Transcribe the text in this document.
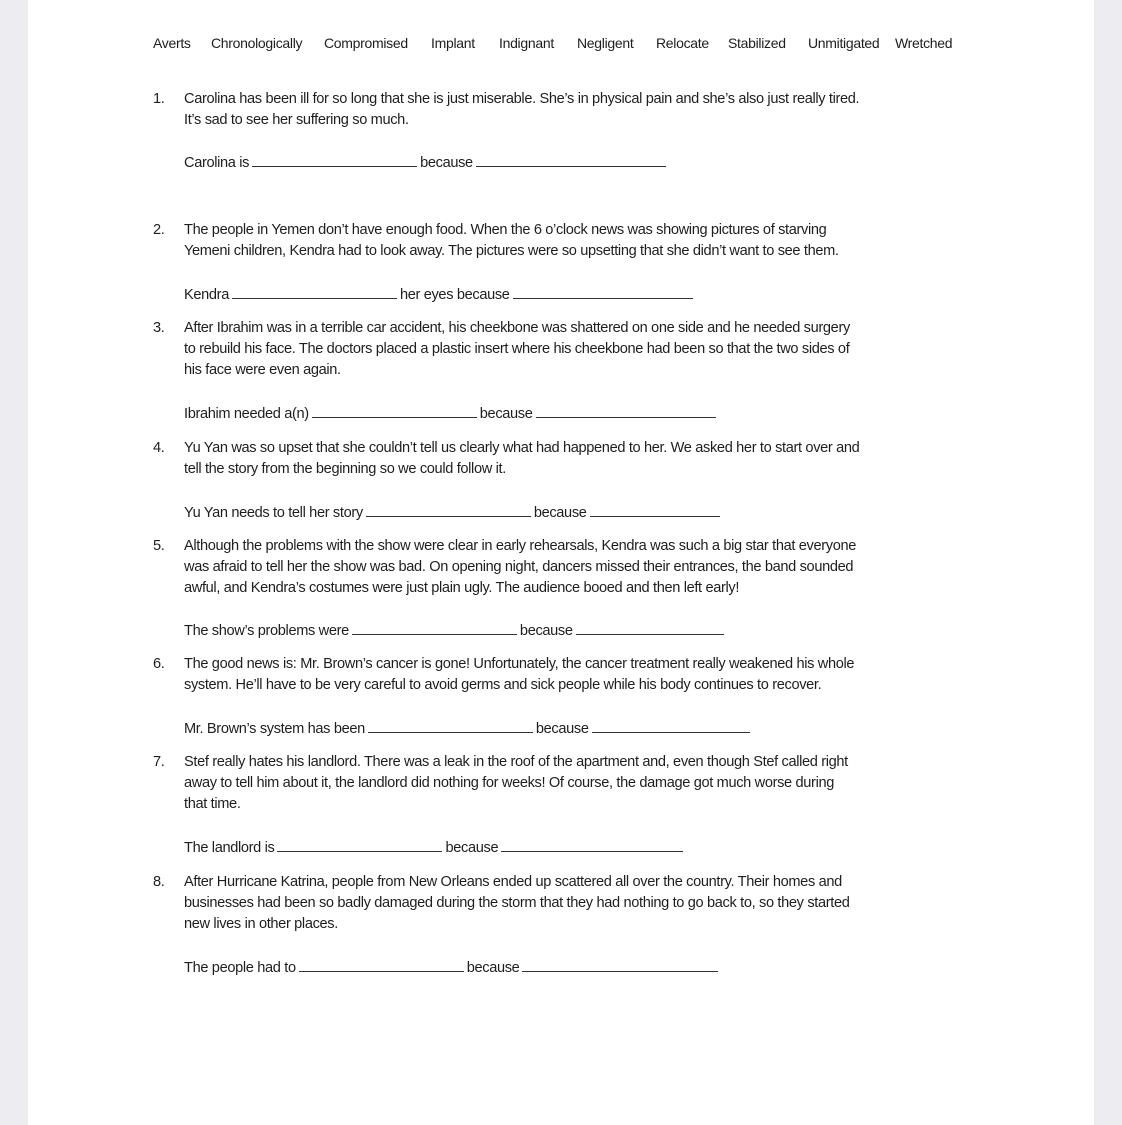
Averts Chronologically Compromised Implant Indignant Negligent Relocate Stabilized Unmitigated Wretched
1. Carolina has been ill for so long that she is just miserable. She’s in physical pain and she’s also just really tired.
It’s sad to see her suffering so much.
Carolina is	because
2. The people in Yemen don’t have enough food. When the 6 o’clock news was showing pictures of starving
Yemeni children, Kendra had to look away. The pictures were so upsetting that she didn’t want to see them.
Kendra	her eyes because
3. After Ibrahim was in a terrible car accident, his cheekbone was shattered on one side and he needed surgery
to rebuild his face. The doctors placed a plastic insert where his cheekbone had been so that the two sides of
his face were even again.
Ibrahim needed a(n)	because
4. Yu Yan was so upset that she couldn’t tell us clearly what had happened to her. We asked her to start over and
tell the story from the beginning so we could follow it.
Yu Yan needs to tell her story	because
5. Although the problems with the show were clear in early rehearsals, Kendra was such a big star that everyone
was afraid to tell her the show was bad. On opening night, dancers missed their entrances, the band sounded
awful, and Kendra’s costumes were just plain ugly. The audience booed and then left early!
The show’s problems were	because
6. The good news is: Mr. Brown’s cancer is gone! Unfortunately, the cancer treatment really weakened his whole
system. He’ll have to be very careful to avoid germs and sick people while his body continues to recover.
Mr. Brown’s system has been	because
7. Stef really hates his landlord. There was a leak in the roof of the apartment and, even though Stef called right
away to tell him about it, the landlord did nothing for weeks! Of course, the damage got much worse during
that time.
The landlord is	because
8. After Hurricane Katrina, people from New Orleans ended up scattered all over the country. Their homes and
businesses had been so badly damaged during the storm that they had nothing to go back to, so they started
new lives in other places.
The people had to	because
